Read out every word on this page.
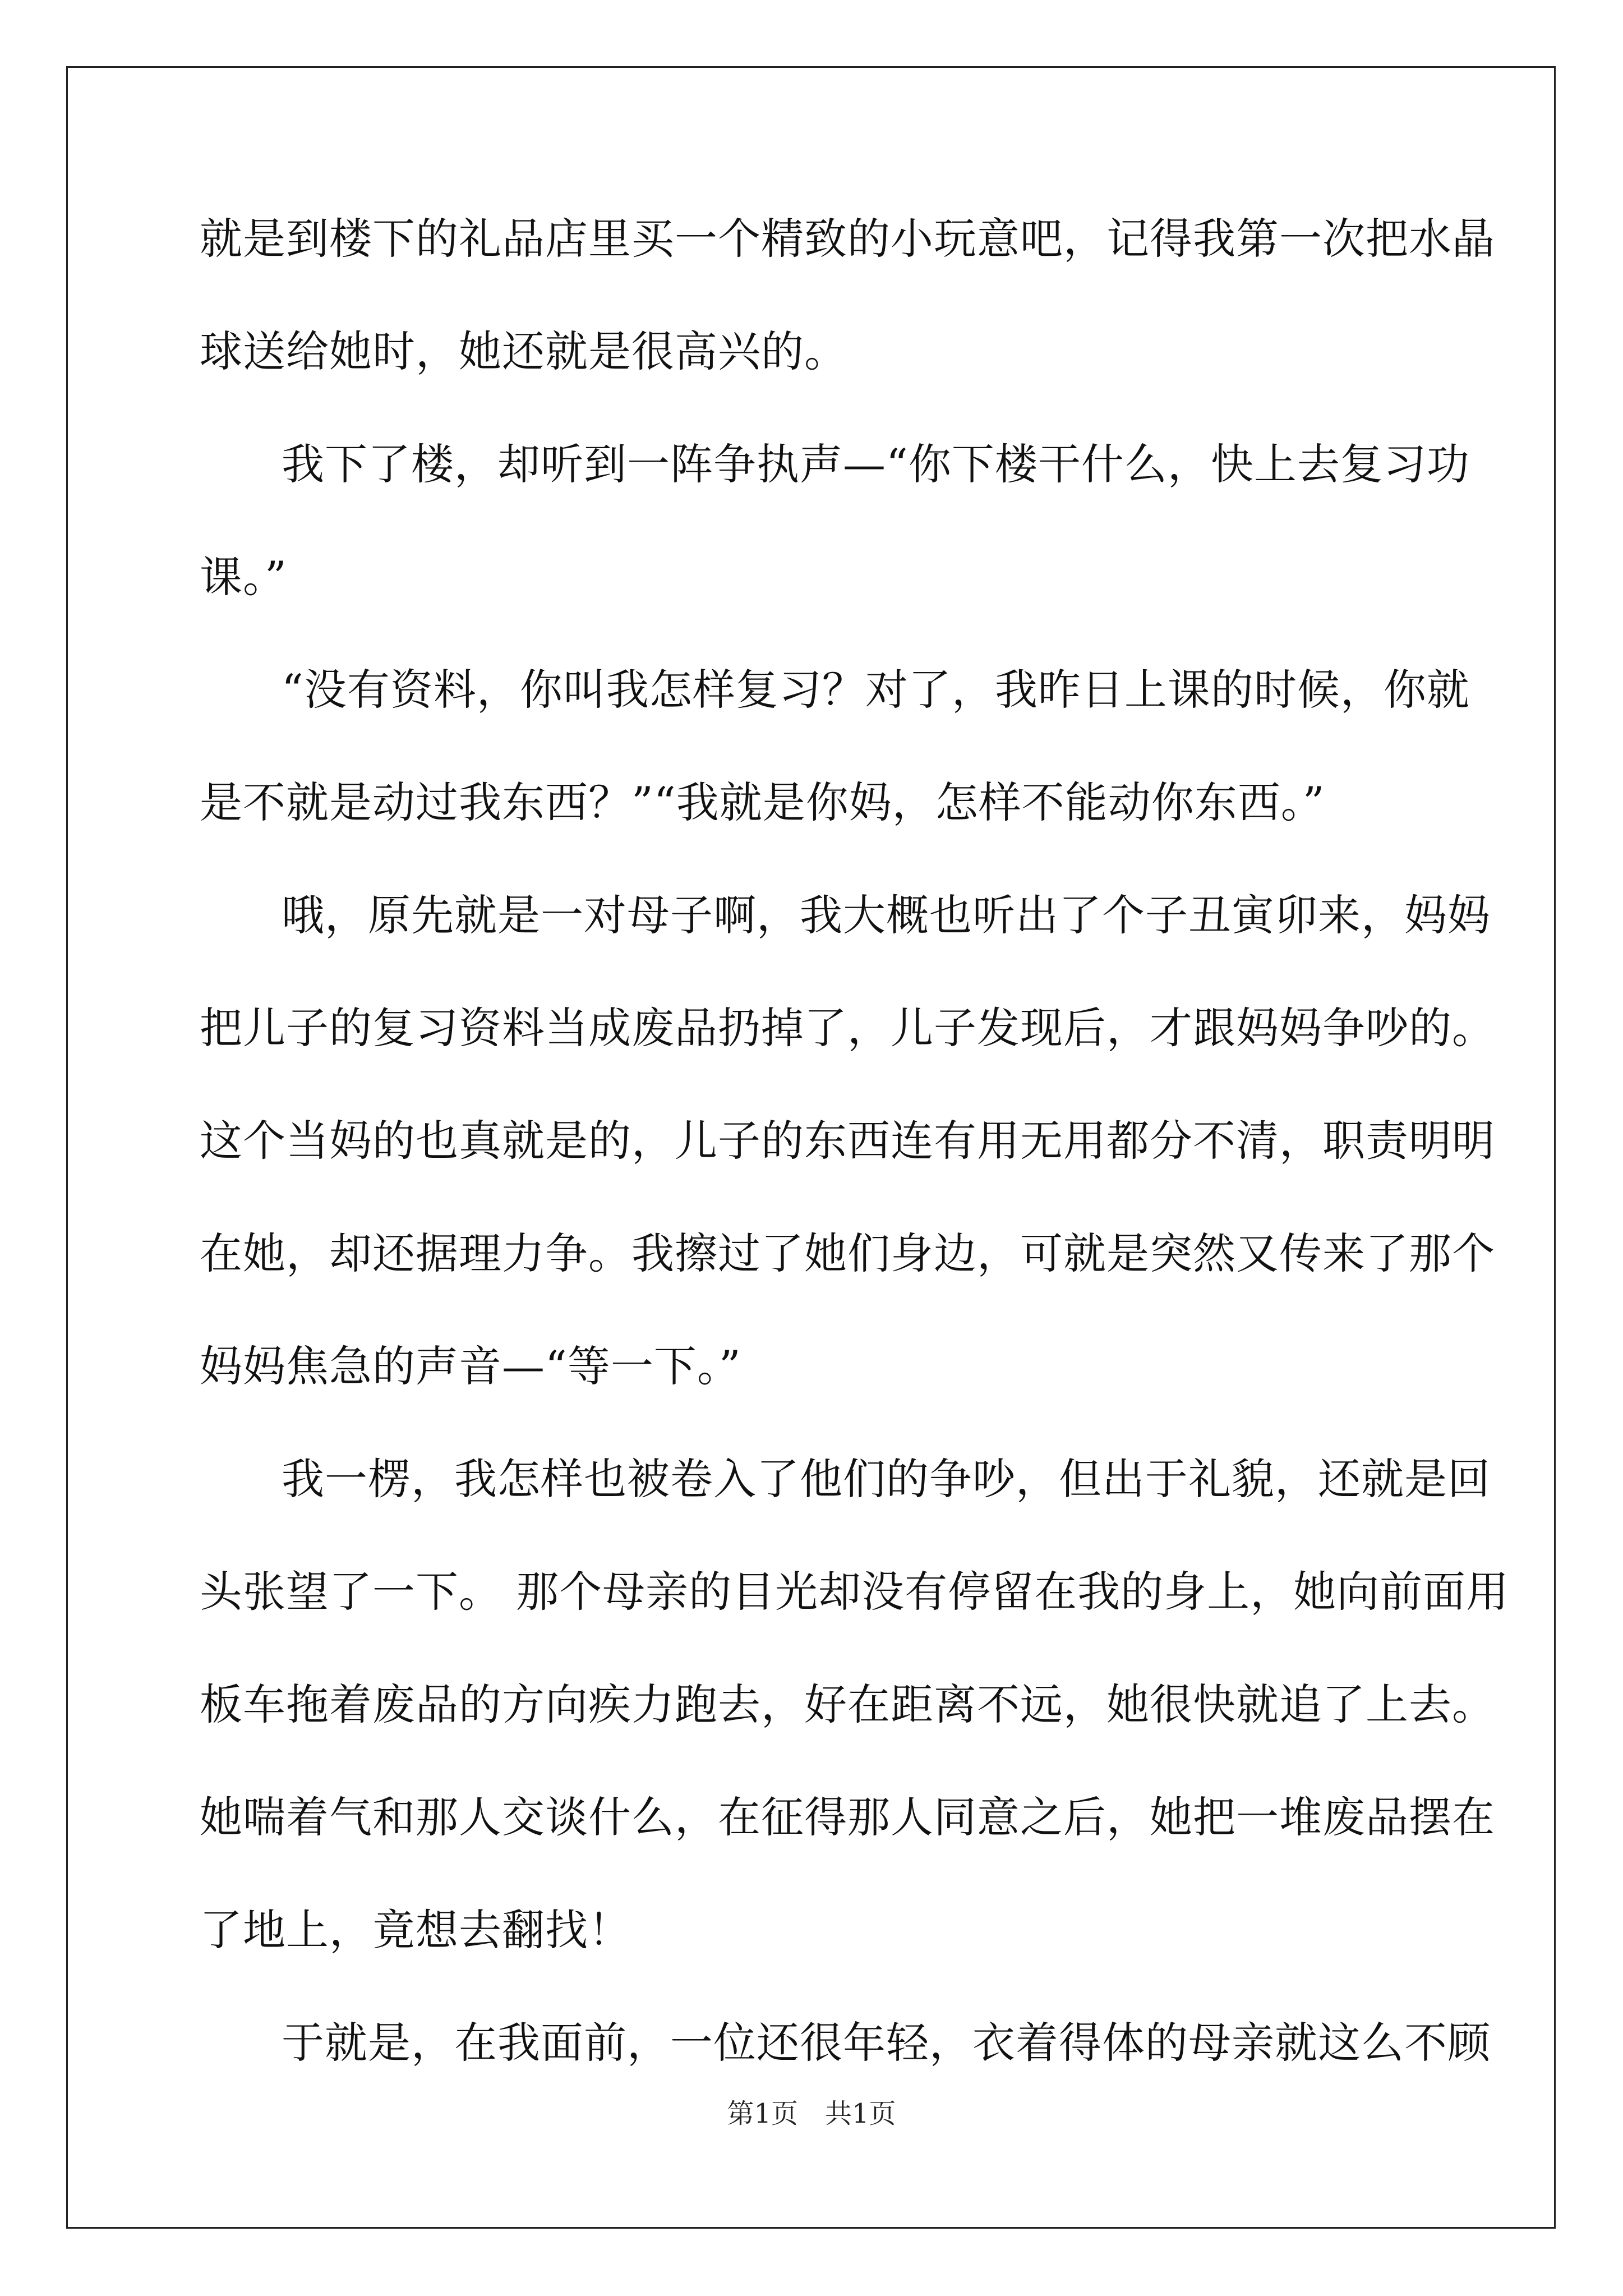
就是到楼下的礼品店里买一个精致的小玩意吧，记得我第一次把水晶
球送给她时，她还就是很高兴的。
我下了楼，却听到一阵争执声—“你下楼干什么，快上去复习功
课。”
“没有资料，你叫我怎样复习？对了，我昨日上课的时候，你就
是不就是动过我东西？”“我就是你妈，怎样不能动你东西。”
哦，原先就是一对母子啊，我大概也听出了个子丑寅卯来，妈妈
把儿子的复习资料当成废品扔掉了，儿子发现后，才跟妈妈争吵的。
这个当妈的也真就是的，儿子的东西连有用无用都分不清，职责明明
在她，却还据理力争。我擦过了她们身边，可就是突然又传来了那个
妈妈焦急的声音—“等一下。”
我一楞，我怎样也被卷入了他们的争吵，但出于礼貌，还就是回
头张望了一下。 那个母亲的目光却没有停留在我的身上，她向前面用
板车拖着废品的方向疾力跑去，好在距离不远，她很快就追了上去。
她喘着气和那人交谈什么，在征得那人同意之后，她把一堆废品摆在
了地上，竟想去翻找！
于就是，在我面前，一位还很年轻，衣着得体的母亲就这么不顾
第1页　共1页
